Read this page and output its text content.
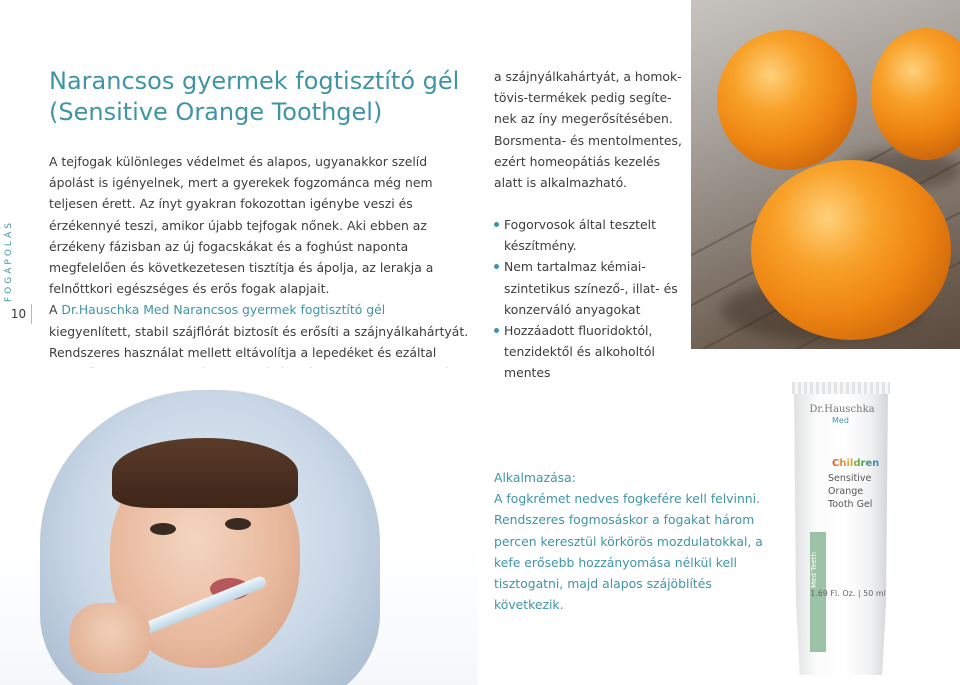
FOGÁPOLÁS
10
Narancsos gyermek fogtisztító gél
(Sensitive Orange Toothgel)

A tejfogak különleges védelmet és alapos, ugyanakkor szelíd ápolást is igényelnek, mert a gyerekek fogzománca még nem teljesen érett. Az ínyt gyakran fokozottan igénybe veszi és érzékennyé teszi, amikor újabb tejfogak nőnek. Aki ebben az érzékeny fázisban az új fogacskákat és a foghúst naponta megfelelően és következetesen tisztítja és ápolja, az lerakja a felnőttkori egészséges és erős fogak alapjait.

A Dr.Hauschka Med Narancsos gyermek fogtisztító gél kiegyenlített, stabil szájflórát biztosít és erősíti a szájnyálkahártyát. Rendszeres használat mellett eltávolítja a lepedéket és ezáltal

a szájnyálkahártyát, a homoktövis-termékek pedig segítenek az íny megerősítésében. Borsmenta- és mentolmentes, ezért homeopátiás kezelés alatt is alkalmazható.
Fogorvosok által tesztelt készítmény.
Nem tartalmaz kémiaiszintetikus színező-, illat- és konzerváló anyagokat
Hozzáadott fluoridoktól, tenzidektől és alkoholtól mentes
Alkalmazása:
A fogkrémet nedves fogkefére kell felvinni.
Rendszeres fogmosáskor a fogakat három percen keresztül körkörös mozdulatokkal, a kefe erősebb hozzányomása nélkül kell tisztogatni, majd alapos szájöblítés következik.
Dr.Hauschka
Med
Children
Sensitive Orange Tooth Gel
Med Teeth
1.69 Fl. Oz. | 50 ml
